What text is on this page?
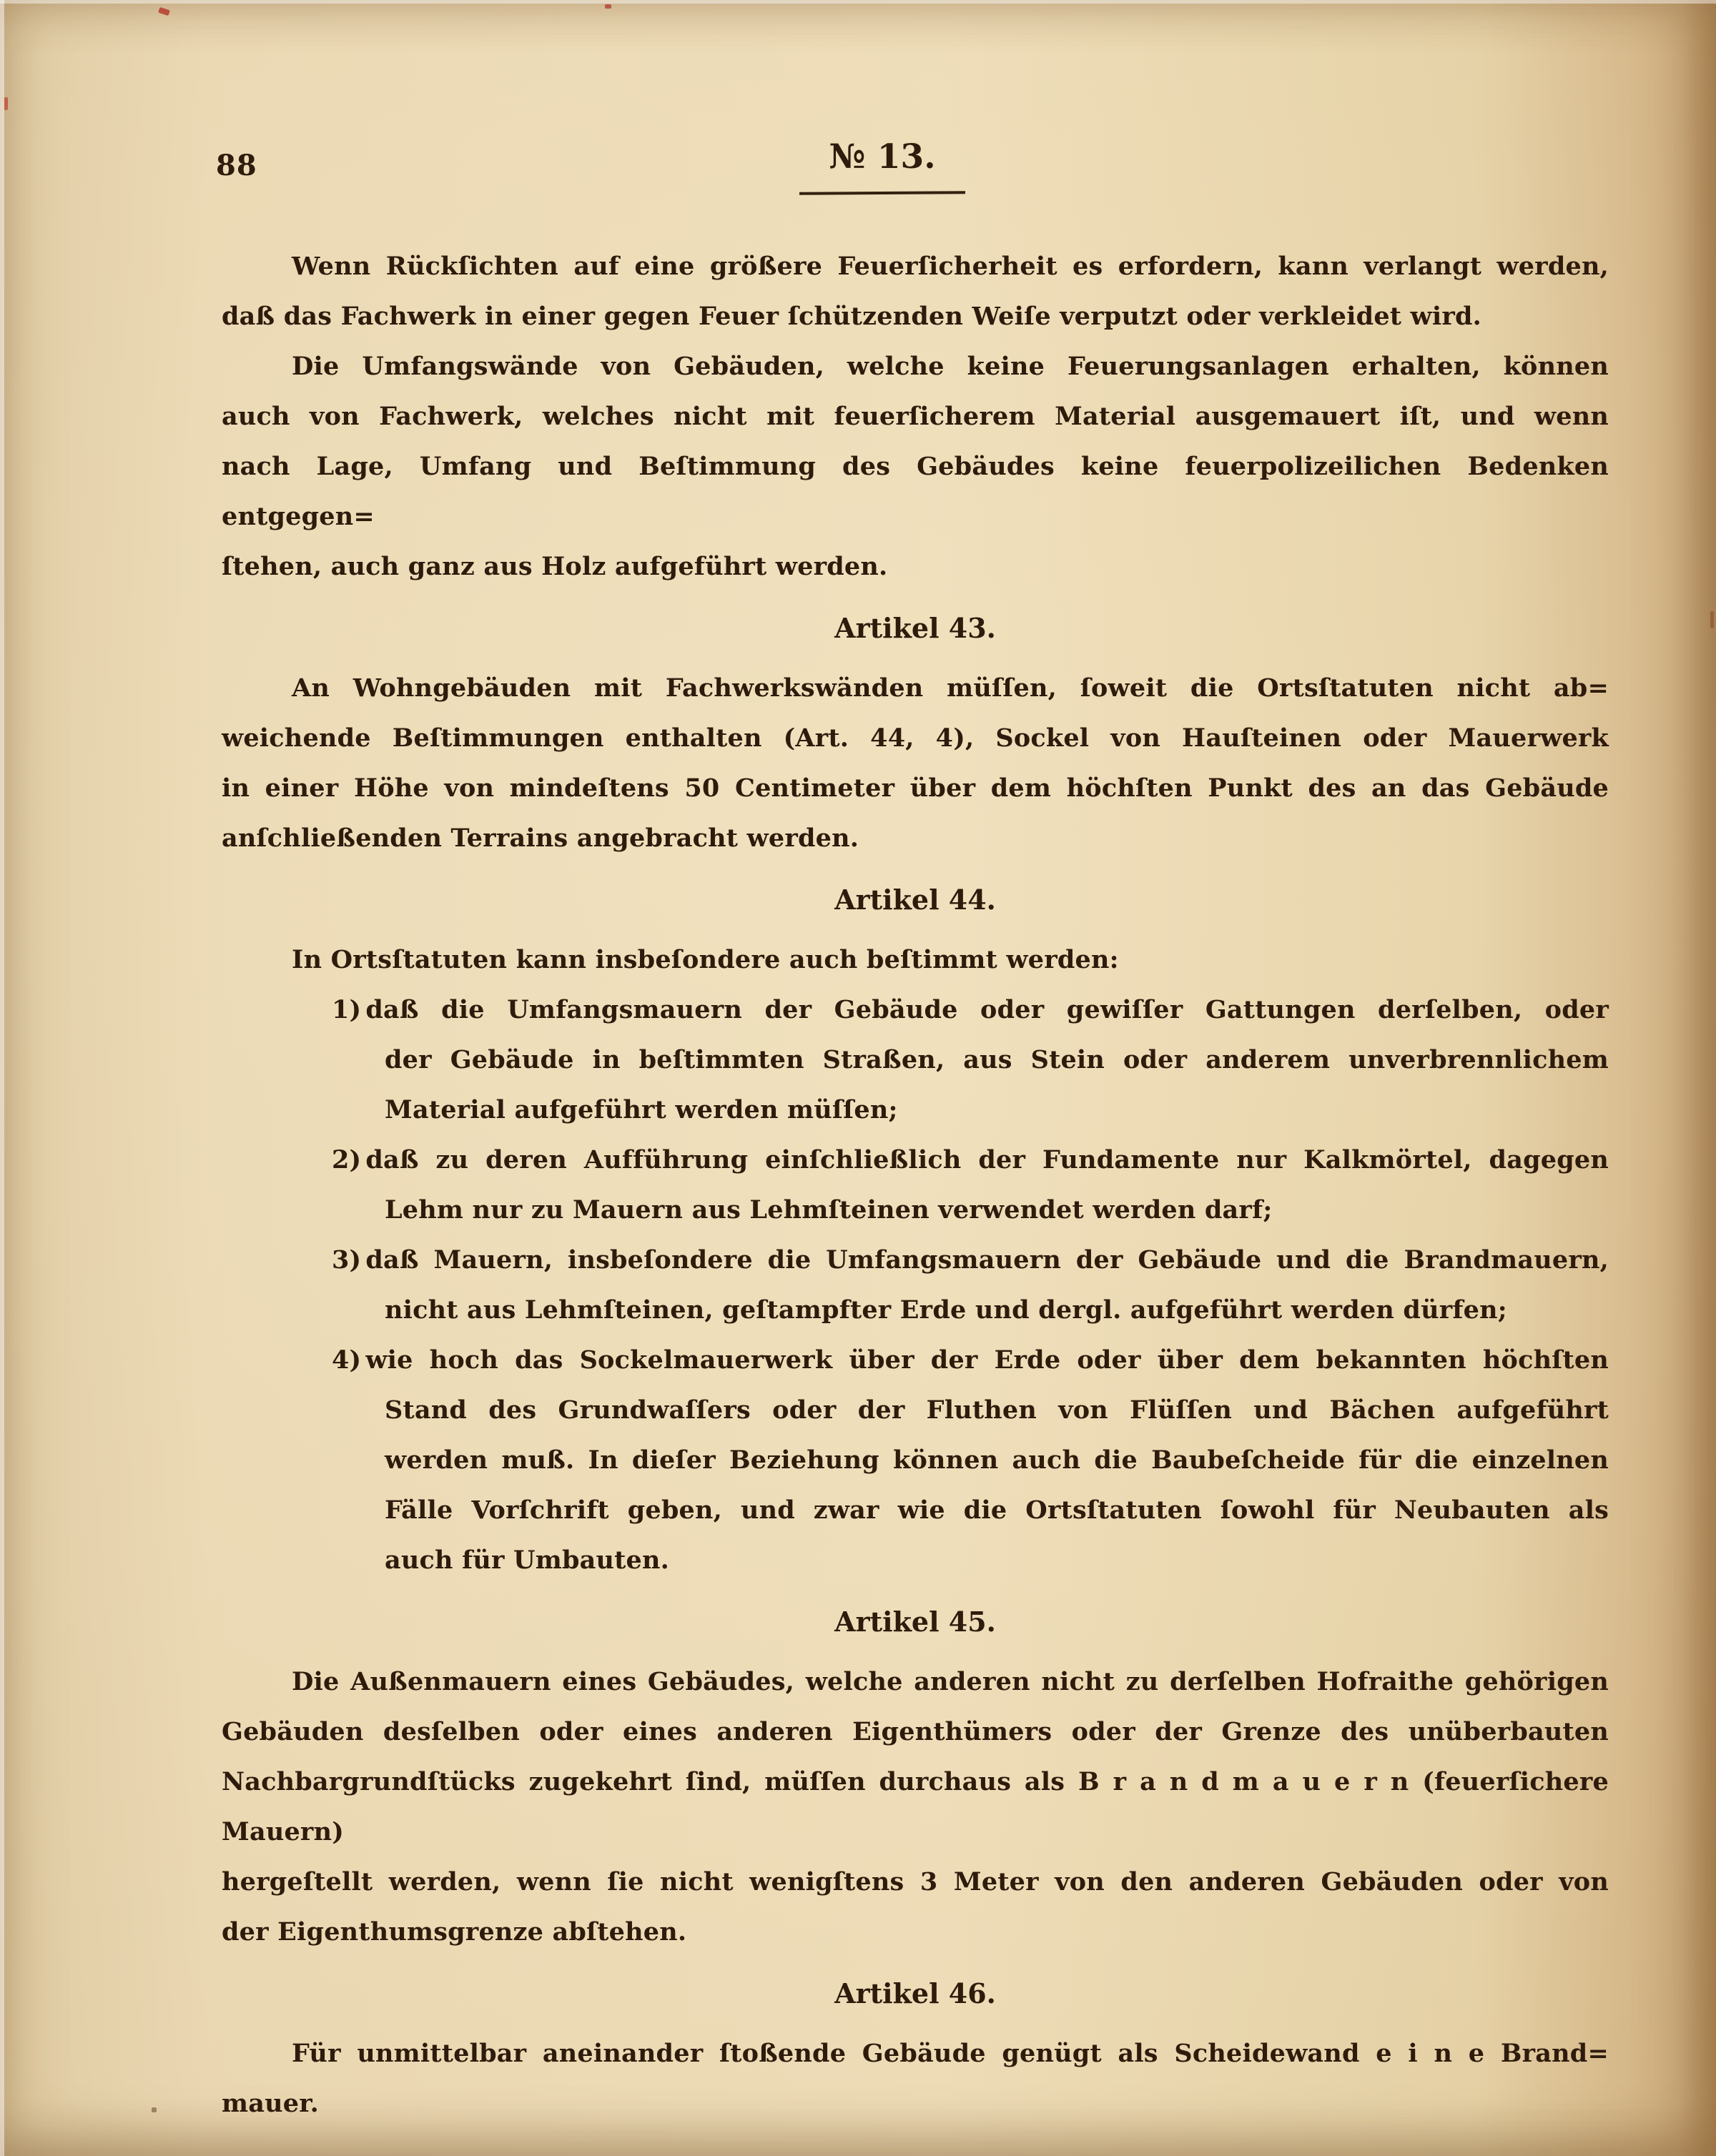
88	№ 13.
Wenn Rückſichten auf eine größere Feuerſicherheit es erfordern, kann verlangt werden,
daß das Fachwerk in einer gegen Feuer ſchützenden Weiſe verputzt oder verkleidet wird.
Die Umfangswände von Gebäuden, welche keine Feuerungsanlagen erhalten, können
auch von Fachwerk, welches nicht mit feuerſicherem Material ausgemauert iſt, und wenn
nach Lage, Umfang und Beſtimmung des Gebäudes keine feuerpolizeilichen Bedenken entgegen=
ſtehen, auch ganz aus Holz aufgeführt werden.
Artikel 43.
An Wohngebäuden mit Fachwerkswänden müſſen, ſoweit die Ortsſtatuten nicht ab=
weichende Beſtimmungen enthalten (Art. 44, 4), Sockel von Hauſteinen oder Mauerwerk
in einer Höhe von mindeſtens 50 Centimeter über dem höchſten Punkt des an das Gebäude
anſchließenden Terrains angebracht werden.
Artikel 44.
In Ortsſtatuten kann insbeſondere auch beſtimmt werden:
1) daß die Umfangsmauern der Gebäude oder gewiſſer Gattungen derſelben, oder
der Gebäude in beſtimmten Straßen, aus Stein oder anderem unverbrennlichem
Material aufgeführt werden müſſen;
2) daß zu deren Aufführung einſchließlich der Fundamente nur Kalkmörtel, dagegen
Lehm nur zu Mauern aus Lehmſteinen verwendet werden darf;
3) daß Mauern, insbeſondere die Umfangsmauern der Gebäude und die Brandmauern,
nicht aus Lehmſteinen, geſtampfter Erde und dergl. aufgeführt werden dürfen;
4) wie hoch das Sockelmauerwerk über der Erde oder über dem bekannten höchſten
Stand des Grundwaſſers oder der Fluthen von Flüſſen und Bächen aufgeführt
werden muß. In dieſer Beziehung können auch die Baubeſcheide für die einzelnen
Fälle Vorſchrift geben, und zwar wie die Ortsſtatuten ſowohl für Neubauten als
auch für Umbauten.
Artikel 45.
Die Außenmauern eines Gebäudes, welche anderen nicht zu derſelben Hofraithe gehörigen
Gebäuden desſelben oder eines anderen Eigenthümers oder der Grenze des unüberbauten
Nachbargrundſtücks zugekehrt ſind, müſſen durchaus als B r a n d m a u e r n (feuerſichere Mauern)
hergeſtellt werden, wenn ſie nicht wenigſtens 3 Meter von den anderen Gebäuden oder von
der Eigenthumsgrenze abſtehen.
Artikel 46.
Für unmittelbar aneinander ſtoßende Gebäude genügt als Scheidewand e i n e Brand=
mauer.
